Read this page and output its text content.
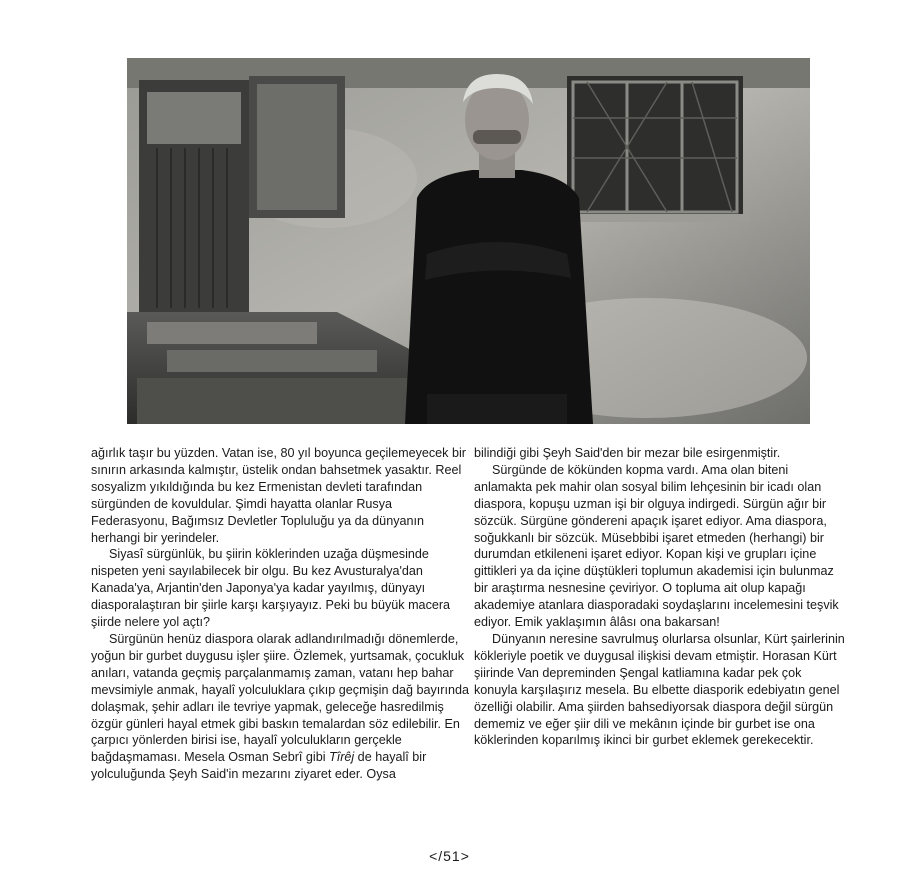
ağırlık taşır bu yüzden. Vatan ise, 80 yıl boyunca geçilemeyecek bir sınırın arkasında kalmıştır, üstelik ondan bahsetmek yasaktır. Reel sosyalizm yıkıldığında bu kez Ermenistan devleti tarafından sürgünden de kovuldular. Şimdi hayatta olanlar Rusya Federasyonu, Bağımsız Devletler Topluluğu ya da dünyanın herhangi bir yerindeler.

Siyasî sürgünlük, bu şiirin köklerinden uzağa düşmesinde nispeten yeni sayılabilecek bir olgu. Bu kez Avusturalya'dan Kanada'ya, Arjantin'den Japonya'ya kadar yayılmış, dünyayı diasporalaştıran bir şiirle karşı karşıyayız. Peki bu büyük macera şiirde nelere yol açtı?

Sürgünün henüz diaspora olarak adlandırılmadığı dönemlerde, yoğun bir gurbet duygusu işler şiire. Özlemek, yurtsamak, çocukluk anıları, vatanda geçmiş parçalanmamış zaman, vatanı hep bahar mevsimiyle anmak, hayalî yolculuklara çıkıp geçmişin dağ bayırında dolaşmak, şehir adları ile tevriye yapmak, geleceğe hasredilmiş özgür günleri hayal etmek gibi baskın temalardan söz edilebilir. En çarpıcı yönlerden birisi ise, hayalî yolculukların gerçekle bağdaşmaması. Mesela Osman Sebrî gibi Tîrêj de hayalî bir yolculuğunda Şeyh Said'in mezarını ziyaret eder. Oysa

bilindiği gibi Şeyh Said'den bir mezar bile esirgenmiştir.

Sürgünde de kökünden kopma vardı. Ama olan biteni anlamakta pek mahir olan sosyal bilim lehçesinin bir icadı olan diaspora, kopuşu uzman işi bir olguya indirgedi. Sürgün ağır bir sözcük. Sürgüne göndereni apaçık işaret ediyor. Ama diaspora, soğukkanlı bir sözcük. Müsebbibi işaret etmeden (herhangi) bir durumdan etkileneni işaret ediyor. Kopan kişi ve grupları içine gittikleri ya da içine düştükleri toplumun akademisi için bulunmaz bir araştırma nesnesine çeviriyor. O topluma ait olup kapağı akademiye atanlara diasporadaki soydaşlarını incelemesini teşvik ediyor. Emik yaklaşımın âlâsı ona bakarsan!

Dünyanın neresine savrulmuş olurlarsa olsunlar, Kürt şairlerinin kökleriyle poetik ve duygusal ilişkisi devam etmiştir. Horasan Kürt şiirinde Van depreminden Şengal katliamına kadar pek çok konuyla karşılaşırız mesela. Bu elbette diasporik edebiyatın genel özelliği olabilir. Ama şiirden bahsediyorsak diaspora değil sürgün dememiz ve eğer şiir dili ve mekânın içinde bir gurbet ise ona köklerinden koparılmış ikinci bir gurbet eklemek gerekecektir.

</51>
